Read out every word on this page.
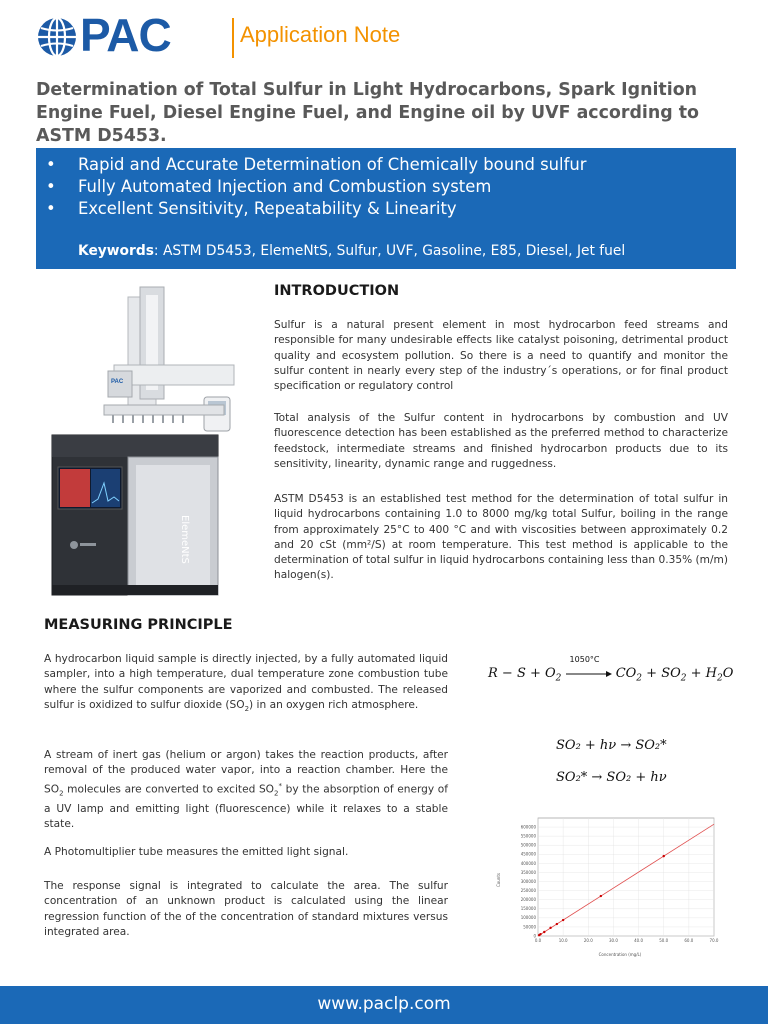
PAC	Application Note
Determination of Total Sulfur in Light Hydrocarbons, Spark Ignition Engine Fuel, Diesel Engine Fuel, and Engine oil by UVF according to ASTM D5453.
• Rapid and Accurate Determination of Chemically bound sulfur
• Fully Automated Injection and Combustion system
• Excellent Sensitivity, Repeatability & Linearity
Keywords: ASTM D5453, ElemeNtS, Sulfur, UVF, Gasoline, E85, Diesel, Jet fuel
PAC
ElemeNtS
INTRODUCTION
Sulfur is a natural present element in most hydrocarbon feed streams and responsible for many undesirable effects like catalyst poisoning, detrimental product quality and ecosystem pollution. So there is a need to quantify and monitor the sulfur content in nearly every step of the industry´s operations, or for final product specification or regulatory control
Total analysis of the Sulfur content in hydrocarbons by combustion and UV fluorescence detection has been established as the preferred method to characterize feedstock, intermediate streams and finished hydrocarbon products due to its sensitivity, linearity, dynamic range and ruggedness.
ASTM D5453 is an established test method for the determination of total sulfur in liquid hydrocarbons containing 1.0 to 8000 mg/kg total Sulfur, boiling in the range from approximately 25°C to 400 °C and with viscosities between approximately 0.2 and 20 cSt (mm²/S) at room temperature. This test method is applicable to the determination of total sulfur in liquid hydrocarbons containing less than 0.35% (m/m) halogen(s).
MEASURING PRINCIPLE
A hydrocarbon liquid sample is directly injected, by a fully automated liquid sampler, into a high temperature, dual temperature zone combustion tube where the sulfur components are vaporized and combusted. The released sulfur is oxidized to sulfur dioxide $(SO_2)$ in an oxygen rich atmosphere.
A stream of inert gas (helium or argon) takes the reaction products, after removal of the produced water vapor, into a reaction chamber. Here the $SO_2$ molecules are converted to excited $SO_2^*$ by the absorption of energy of a UV lamp and emitting light (fluorescence) while it relaxes to a stable state.
A Photomultiplier tube measures the emitted light signal.
The response signal is integrated to calculate the area. The sulfur concentration of an unknown product is calculated using the linear regression function of the of the concentration of standard mixtures versus integrated area.
$R - S + O_2$
1050°C
$CO_2 + SO_2 + H_2O$
SO₂ + hν → SO₂*
SO₂* → SO₂ + hν
0
50000
100000
150000
200000
250000
300000
350000
400000
450000
500000
550000
600000
0.0	10.0	20.0	30.0	40.0	50.0	60.0	70.0
Concentration (mg/L)
Counts
www.paclp.com
